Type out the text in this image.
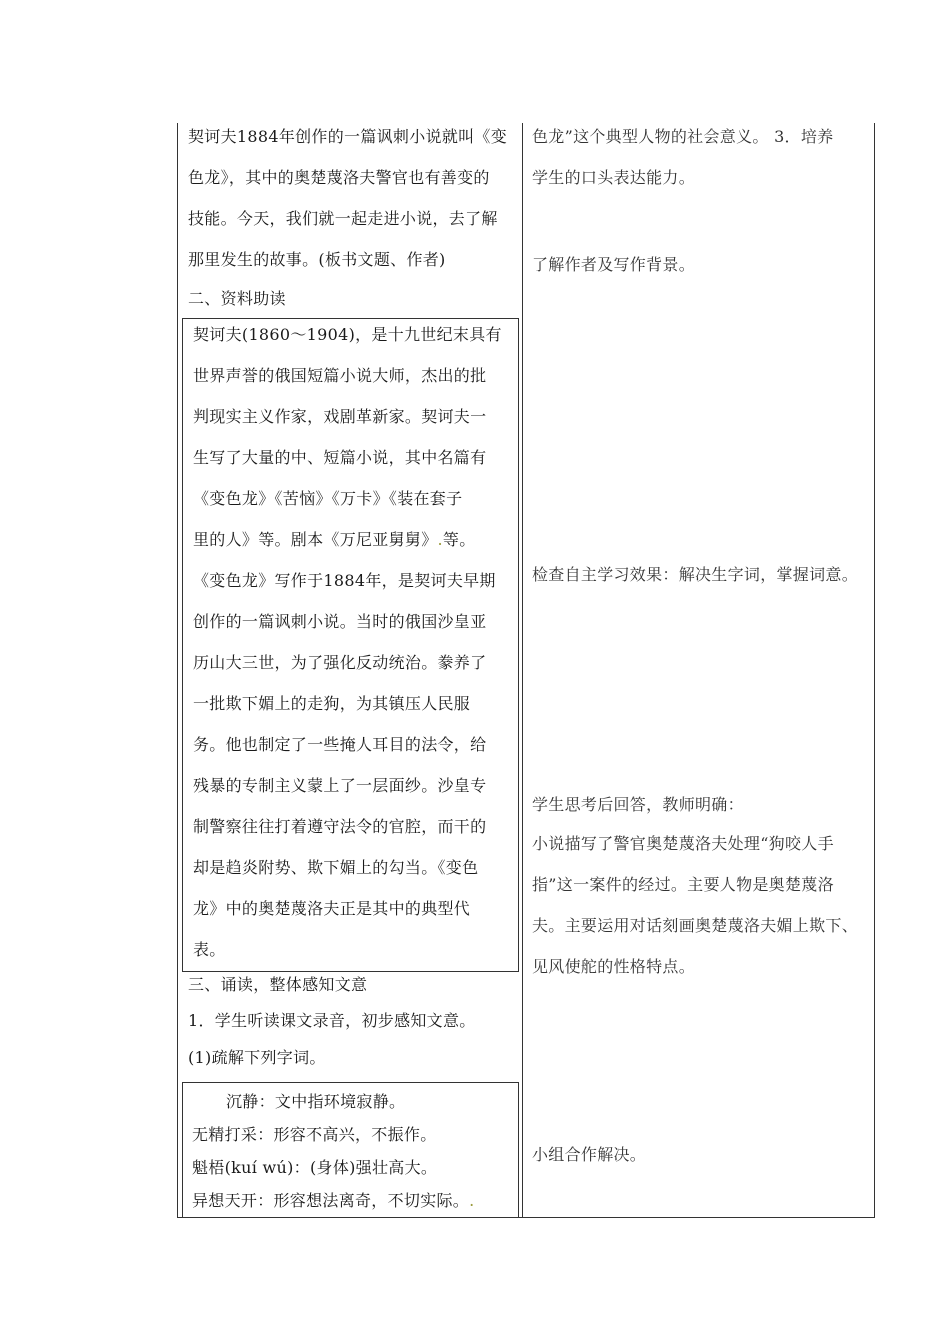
契诃夫1884年创作的一篇讽刺小说就叫《变

色龙》，其中的奥楚蔑洛夫警官也有善变的

技能。今天，我们就一起走进小说，去了解

那里发生的故事。(板书文题、作者)

二、资料助读

契诃夫(1860～1904)，是十九世纪末具有

世界声誉的俄国短篇小说大师，杰出的批

判现实主义作家，戏剧革新家。契诃夫一

生写了大量的中、短篇小说，其中名篇有

《变色龙》《苦恼》《万卡》《装在套子

里的人》等。剧本《万尼亚舅舅》.等。

《变色龙》写作于1884年，是契诃夫早期

创作的一篇讽刺小说。当时的俄国沙皇亚

历山大三世，为了强化反动统治。豢养了

一批欺下媚上的走狗，为其镇压人民服

务。他也制定了一些掩人耳目的法令，给

残暴的专制主义蒙上了一层面纱。沙皇专

制警察往往打着遵守法令的官腔，而干的

却是趋炎附势、欺下媚上的勾当。《变色

龙》中的奥楚蔑洛夫正是其中的典型代

表。

三、诵读，整体感知文意

1．学生听读课文录音，初步感知文意。

(1)疏解下列字词。

沉静：文中指环境寂静。

无精打采：形容不高兴，不振作。

魁梧(kuí wú)：(身体)强壮高大。

异想天开：形容想法离奇，不切实际。.

色龙”这个典型人物的社会意义。 3．培养
学生的口头表达能力。
了解作者及写作背景。
检查自主学习效果：解决生字词，掌握词意。
学生思考后回答，教师明确：
小说描写了警官奥楚蔑洛夫处理“狗咬人手
指”这一案件的经过。主要人物是奥楚蔑洛
夫。主要运用对话刻画奥楚蔑洛夫媚上欺下、
见风使舵的性格特点。
小组合作解决。
